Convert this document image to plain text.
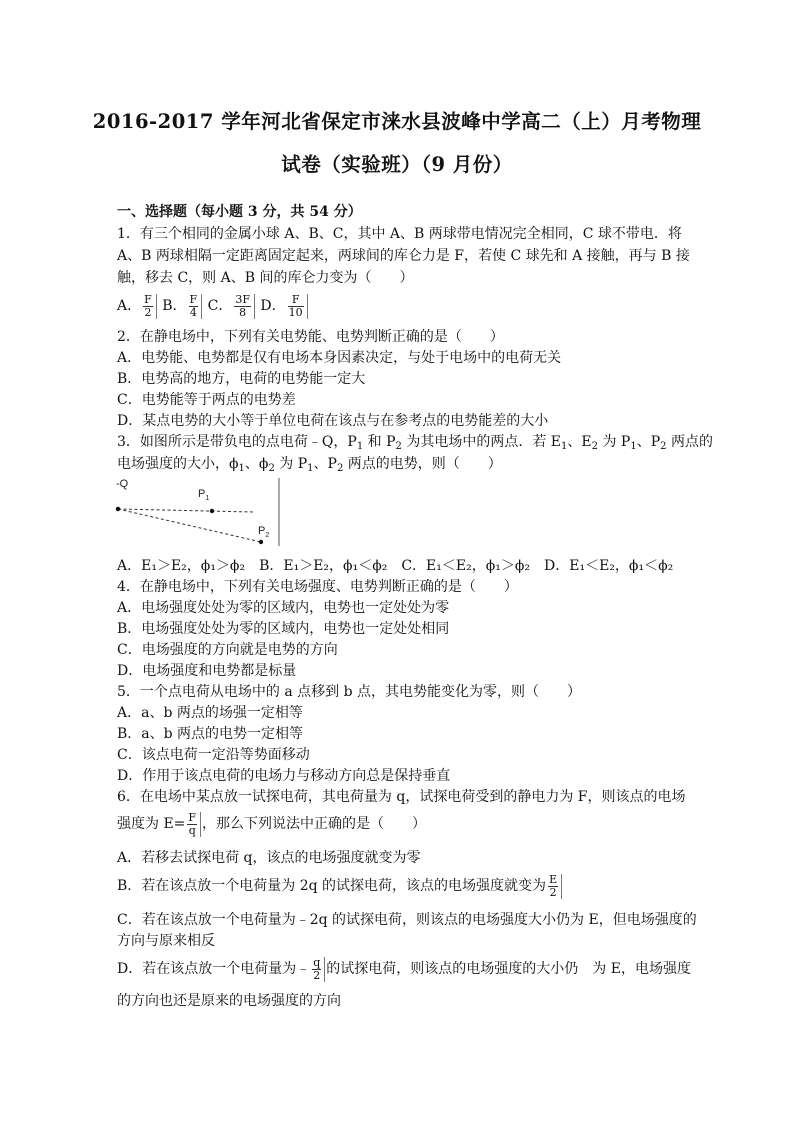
2016-2017 学年河北省保定市涞水县波峰中学高二（上）月考物理
试卷（实验班）（9 月份）
一、选择题（每小题 3 分，共 54 分）
1．有三个相同的金属小球 A、B、C，其中 A、B 两球带电情况完全相同，C 球不带电．将
A、B 两球相隔一定距离固定起来，两球间的库仑力是 F，若使 C 球先和 A 接触，再与 B 接
触，移去 C，则 A、B 间的库仑力变为（　　）
A． $\frac{F}{2}$ B． $\frac{F}{4}$ C． $\frac{3F}{8}$ D． $\frac{F}{10}$
2．在静电场中，下列有关电势能、电势判断正确的是（　　）
A．电势能、电势都是仅有电场本身因素决定，与处于电场中的电荷无关
B．电势高的地方，电荷的电势能一定大
C．电势能等于两点的电势差
D．某点电势的大小等于单位电荷在该点与在参考点的电势能差的大小
3．如图所示是带负电的点电荷﹣Q，$P_1$ 和 $P_2$ 为其电场中的两点．若 $E_1$、$E_2$ 为 $P_1$、$P_2$ 两点的
电场强度的大小，$\phi_1$、$\phi_2$ 为 $P_1$、$P_2$ 两点的电势，则（　　）
-Q
$P_1$
$P_2$
A．E₁＞E₂，ϕ₁＞ϕ₂　B．E₁＞E₂，ϕ₁＜ϕ₂　C．E₁＜E₂，ϕ₁＞ϕ₂　D．E₁＜E₂，ϕ₁＜ϕ₂
4．在静电场中，下列有关电场强度、电势判断正确的是（　　）
A．电场强度处处为零的区域内，电势也一定处处为零
B．电场强度处处为零的区域内，电势也一定处处相同
C．电场强度的方向就是电势的方向
D．电场强度和电势都是标量
5．一个点电荷从电场中的 a 点移到 b 点，其电势能变化为零，则（　　）
A．a、b 两点的场强一定相等
B．a、b 两点的电势一定相等
C．该点电荷一定沿等势面移动
D．作用于该点电荷的电场力与移动方向总是保持垂直
6．在电场中某点放一试探电荷，其电荷量为 q，试探电荷受到的静电力为 F，则该点的电场
强度为 $E= \frac{F}{q}$ ，那么下列说法中正确的是（　　）
A．若移去试探电荷 q，该点的电场强度就变为零
B．若在该点放一个电荷量为 2q 的试探电荷，该点的电场强度就变为 $\frac{E}{2}$
C．若在该点放一个电荷量为﹣2q 的试探电荷，则该点的电场强度大小仍为 E，但电场强度的
方向与原来相反
D．若在该点放一个电荷量为﹣ $\frac{q}{2}$ 的试探电荷，则该点的电场强度的大小仍　为 E，电场强度
的方向也还是原来的电场强度的方向
